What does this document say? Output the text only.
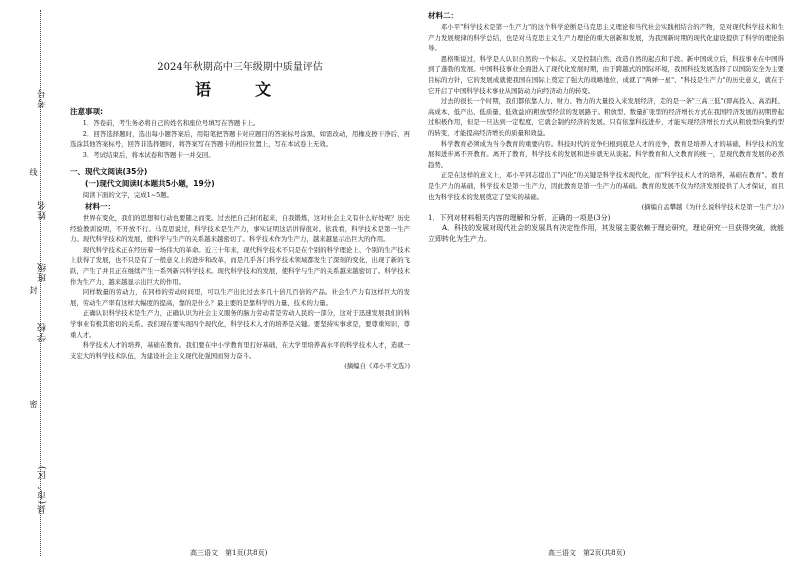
考号
姓名
班级
学校
县(市、区)
线
封
密
2024年秋期高中三年级期中质量评估
语　文

注意事项:

1．答卷前，考生务必将自己的姓名和座位号填写在答题卡上。

2．回答选择题时，选出每小题答案后，用铅笔把答题卡对应题目的答案标号涂黑，如需改动，用橡皮擦干净后，再选涂其他答案标号，回答非选择题时，将答案写在答题卡的相应位置上，写在本试卷上无效。

3．考试结束后，将本试卷和答题卡一并交回。

一、现代文阅读(35分)

(一)现代文阅读Ⅰ(本题共5小题，19分)

阅读下面的文字，完成1~5题。

材料一：

世界在变化，我们的思想和行动也要随之而变。过去把自己封闭起来，自我锻炼，这对社会主义有什么好处呢？历史经验教训说明，不开放不行。马克思说过，科学技术是生产力，事实证明这话讲得很对。依我看，科学技术是第一生产力。现代科学技术的发展，使科学与生产的关系越来越密切了。科学技术作为生产力，越来越显示出巨大的作用。

现代科学技术正在经历着一场伟大的革命。近三十年来，现代科学技术不只是在个别的科学理论上、个别的生产技术上获得了发展，也不只是有了一般意义上的进步和改革，而是几乎各门科学技术领域都发生了深刻的变化，出现了新的飞跃，产生了并且正在继续产生一系列新兴科学技术。现代科学技术的发展，使科学与生产的关系越来越密切了。科学技术作为生产力，越来越显示出巨大的作用。

同样数量的劳动力，在同样的劳动时间里，可以生产出比过去多几十倍几百倍的产品。社会生产力有这样巨大的发展，劳动生产率有这样大幅度的提高，靠的是什么？最主要的是靠科学的力量、技术的力量。

正确认识科学技术是生产力，正确认识为社会主义服务的脑力劳动者是劳动人民的一部分，这对于迅速发展我们的科学事业有极其密切的关系。我们现在要实现四个现代化，科学技术人才的培养是关键。要坚持实事求是，要尊重知识，尊重人才。

科学技术人才的培养，基础在教育。我们要在中小学教育里打好基础，在大学里培养高水平的科学技术人才，造就一支宏大的科学技术队伍，为建设社会主义现代化强国而努力奋斗。

(摘编自《邓小平文选》)

高三语文　第1页(共8页)

材料二：

邓小平"科学技术是第一生产力"的这个科学论断是马克思主义理论和当代社会实践相结合的产物，是对现代科学技术和生产力发展规律的科学总结，也是对马克思主义生产力理论的重大创新和发展，为我国新时期的现代化建设提供了科学的理论指导。

恩格斯说过，科学是人认识自然的一个标志。又是控制自然、改造自然的起点和手段。新中国成立后，科技事业在中国得到了蓬勃的发展。中国科技事业全面进入了现代化发展时期，由于跨越式的国际环境，我国科技发展选择了以国防安全为主要目标的方针，它的发展成就使我国在国际上奠定了强大的战略地位，成就了"两弹一星"、"科技是生产力"的历史意义，就在于它开启了中国科学技术事业从国防动力向经济动力的转变。

过去的很长一个时期，我们都依靠人力、财力、物力的大量投入来发展经济，走的是一条"三高三低"(即高投入、高消耗、高成本、低产出、低质量、低效益)的粗放型经营的发展路子。粗放型、数量扩张型的经济增长方式在我国经济发展的初期曾起过积极作用，但是一旦达到一定程度，它就会制约经济的发展。只有依靠科技进步，才能实现经济增长方式从粗放型向集约型的转变，才能提高经济增长的质量和效益。

科学教育必须成为当今教育的重要内容。科技时代的竞争归根到底是人才的竞争，教育是培养人才的基础，科学技术的发展和进步离不开教育。离开了教育，科学技术的发展和进步就无从谈起。科学教育和人文教育的统一，是现代教育发展的必然趋势。

正是在这样的意义上，邓小平同志提出了"四化"的关键是科学技术现代化，而"科学技术人才的培养，基础在教育"。教育是生产力的基础，科学技术是第一生产力，因此教育是第一生产力的基础。教育的发展不仅为经济发展提供了人才保证，而且也为科学技术的发展奠定了坚实的基础。

(摘编自孟攀越《为什么说科学技术是第一生产力》)

1．下列对材料相关内容的理解和分析，正确的一项是(3分)

A．科技的发展对现代社会的发展具有决定性作用，其发展主要依赖于理论研究，理论研究一旦获得突破，就能立即转化为生产力。

高三语文　第2页(共8页)
